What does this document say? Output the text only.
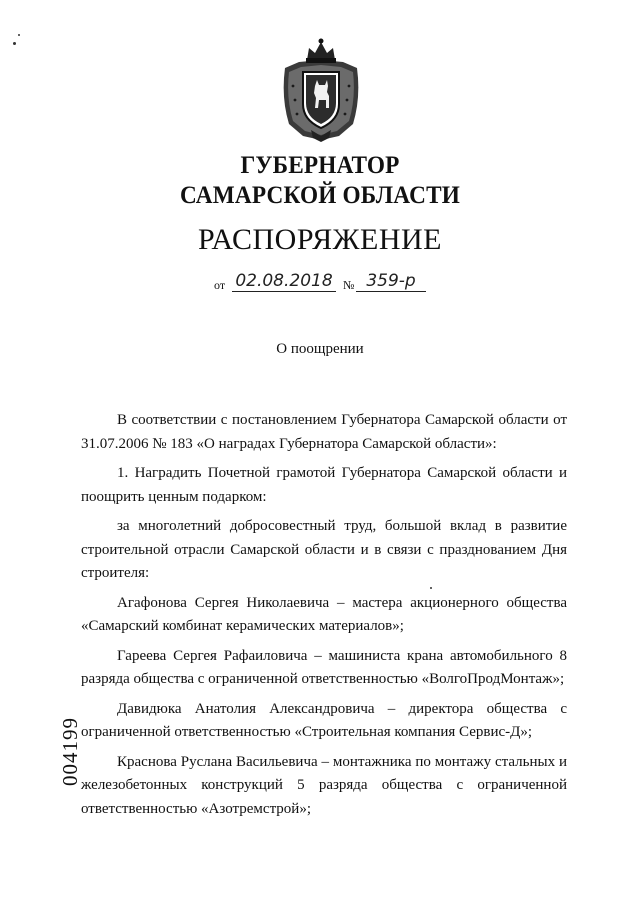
ГУБЕРНАТОР
САМАРСКОЙ ОБЛАСТИ
РАСПОРЯЖЕНИЕ
от 02.08.2018 № 359-р
О поощрении

В соответствии с постановлением Губернатора Самарской области от 31.07.2006 № 183 «О наградах Губернатора Самарской области»:

1. Наградить Почетной грамотой Губернатора Самарской области и поощрить ценным подарком:

за многолетний добросовестный труд, большой вклад в развитие строительной отрасли Самарской области и в связи с празднованием Дня строителя:

Агафонова Сергея Николаевича – мастера акционерного общества «Самарский комбинат керамических материалов»;

Гареева Сергея Рафаиловича – машиниста крана автомобильного 8 разряда общества с ограниченной ответственностью «ВолгоПродМонтаж»;

Давидюка Анатолия Александровича – директора общества с ограниченной ответственностью «Строительная компания Сервис-Д»;

Краснова Руслана Васильевича – монтажника по монтажу стальных и железобетонных конструкций 5 разряда общества с ограниченной ответственностью «Азотремстрой»;

004199
